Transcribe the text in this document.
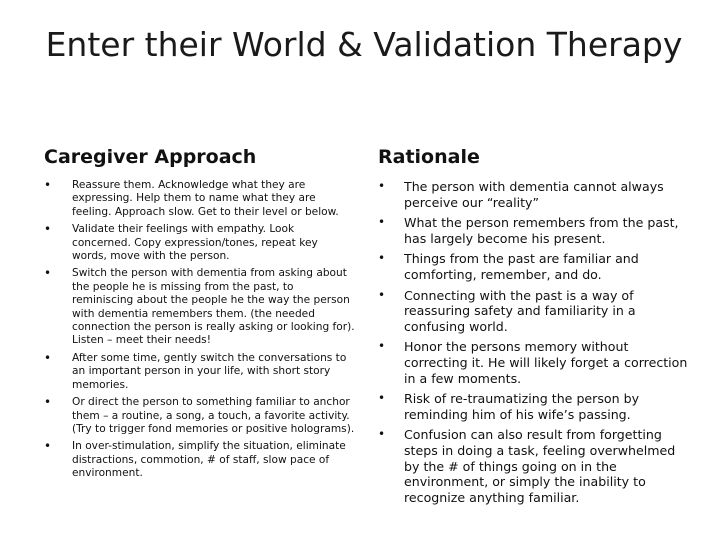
Enter their World & Validation Therapy
Caregiver Approach
• Reassure them. Acknowledge what they are expressing. Help them to name what they are feeling. Approach slow. Get to their level or below.
• Validate their feelings with empathy. Look concerned. Copy expression/tones, repeat key words, move with the person.
• Switch the person with dementia from asking about the people he is missing from the past, to reminiscing about the people he the way the person with dementia remembers them. (the needed connection the person is really asking or looking for). Listen – meet their needs!
• After some time, gently switch the conversations to an important person in your life, with short story memories.
• Or direct the person to something familiar to anchor them – a routine, a song, a touch, a favorite activity. (Try to trigger fond memories or positive holograms).
• In over-stimulation, simplify the situation, eliminate distractions, commotion, # of staff, slow pace of environment.
Rationale
• The person with dementia cannot always perceive our “reality”
• What the person remembers from the past, has largely become his present.
• Things from the past are familiar and comforting, remember, and do.
• Connecting with the past is a way of reassuring safety and familiarity in a confusing world.
• Honor the persons memory without correcting it. He will likely forget a correction in a few moments.
• Risk of re-traumatizing the person by reminding him of his wife’s passing.
• Confusion can also result from forgetting steps in doing a task, feeling overwhelmed by the # of things going on in the environment, or simply the inability to recognize anything familiar.
